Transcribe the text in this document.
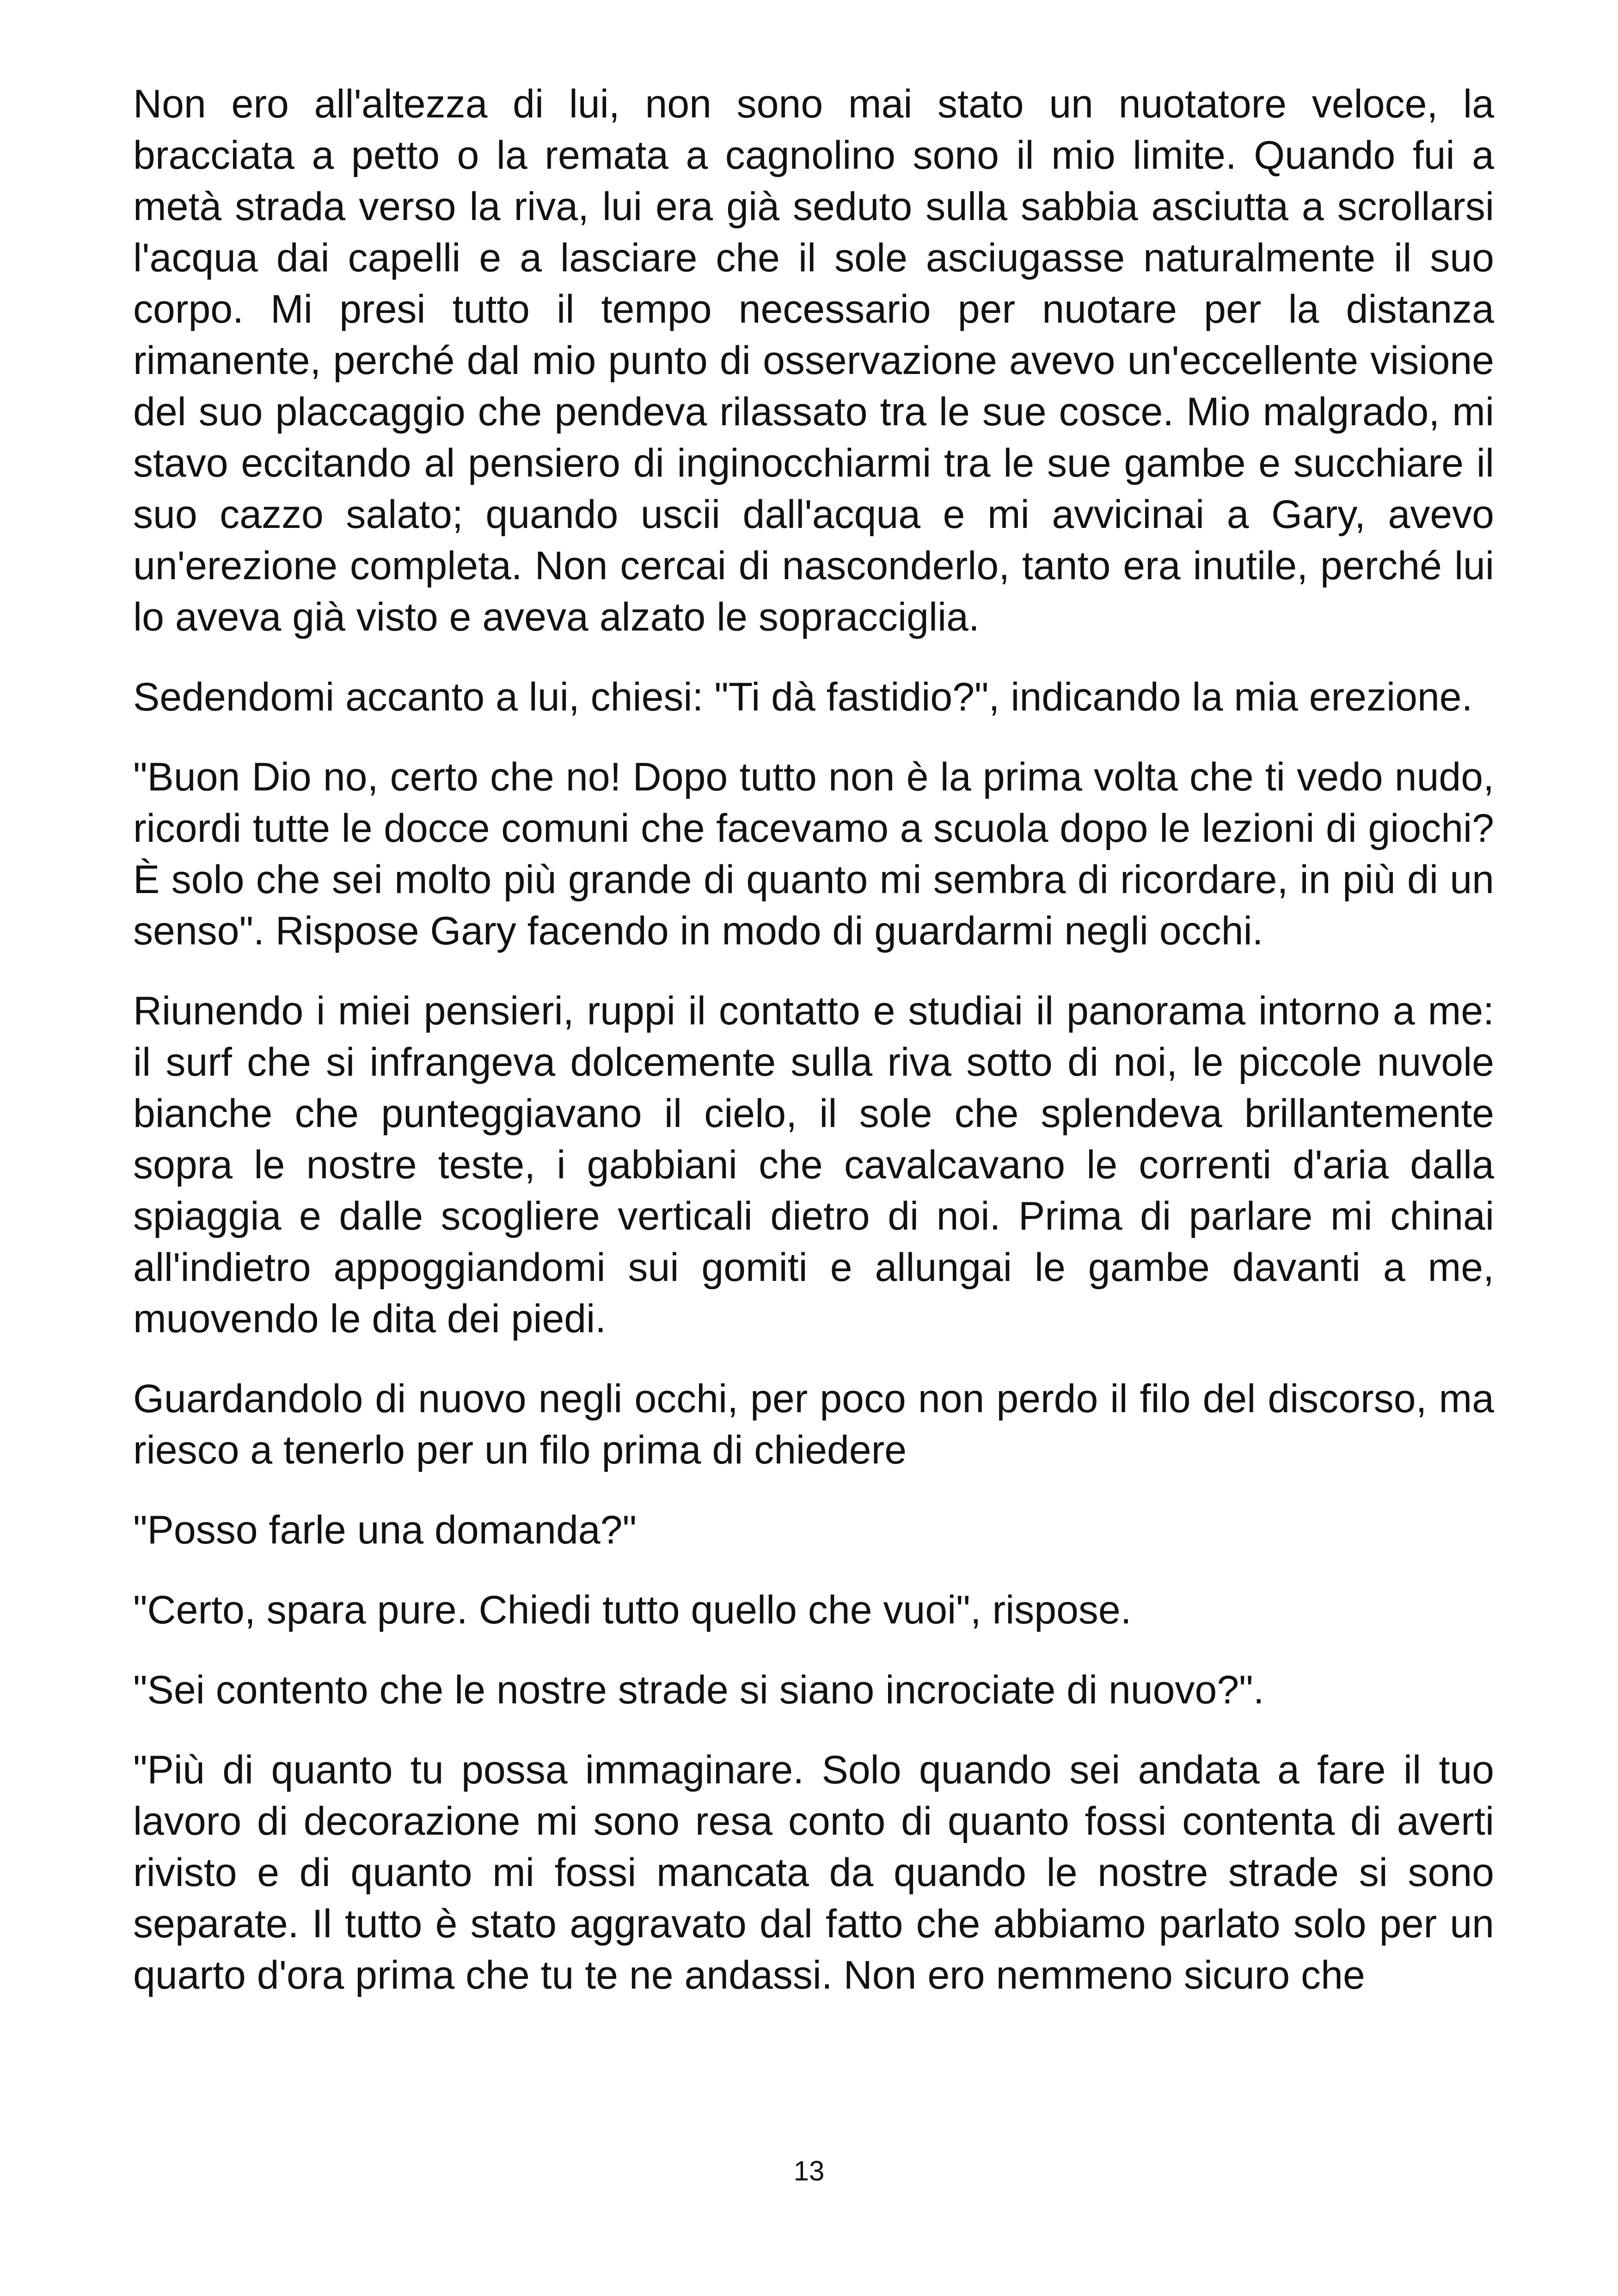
Non ero all'altezza di lui, non sono mai stato un nuotatore veloce, la bracciata a petto o la remata a cagnolino sono il mio limite. Quando fui a metà strada verso la riva, lui era già seduto sulla sabbia asciutta a scrollarsi l'acqua dai capelli e a lasciare che il sole asciugasse naturalmente il suo corpo. Mi presi tutto il tempo necessario per nuotare per la distanza rimanente, perché dal mio punto di osservazione avevo un'eccellente visione del suo placcaggio che pendeva rilassato tra le sue cosce. Mio malgrado, mi stavo eccitando al pensiero di inginocchiarmi tra le sue gambe e succhiare il suo cazzo salato; quando uscii dall'acqua e mi avvicinai a Gary, avevo un'erezione completa. Non cercai di nasconderlo, tanto era inutile, perché lui lo aveva già visto e aveva alzato le sopracciglia.

Sedendomi accanto a lui, chiesi: "Ti dà fastidio?", indicando la mia erezione.

"Buon Dio no, certo che no! Dopo tutto non è la prima volta che ti vedo nudo, ricordi tutte le docce comuni che facevamo a scuola dopo le lezioni di giochi? È solo che sei molto più grande di quanto mi sembra di ricordare, in più di un senso". Rispose Gary facendo in modo di guardarmi negli occhi.

Riunendo i miei pensieri, ruppi il contatto e studiai il panorama intorno a me: il surf che si infrangeva dolcemente sulla riva sotto di noi, le piccole nuvole bianche che punteggiavano il cielo, il sole che splendeva brillantemente sopra le nostre teste, i gabbiani che cavalcavano le correnti d'aria dalla spiaggia e dalle scogliere verticali dietro di noi. Prima di parlare mi chinai all'indietro appoggiandomi sui gomiti e allungai le gambe davanti a me, muovendo le dita dei piedi.

Guardandolo di nuovo negli occhi, per poco non perdo il filo del discorso, ma riesco a tenerlo per un filo prima di chiedere

"Posso farle una domanda?"

"Certo, spara pure. Chiedi tutto quello che vuoi", rispose.

"Sei contento che le nostre strade si siano incrociate di nuovo?".

"Più di quanto tu possa immaginare. Solo quando sei andata a fare il tuo lavoro di decorazione mi sono resa conto di quanto fossi contenta di averti rivisto e di quanto mi fossi mancata da quando le nostre strade si sono separate. Il tutto è stato aggravato dal fatto che abbiamo parlato solo per un quarto d'ora prima che tu te ne andassi. Non ero nemmeno sicuro che

13
